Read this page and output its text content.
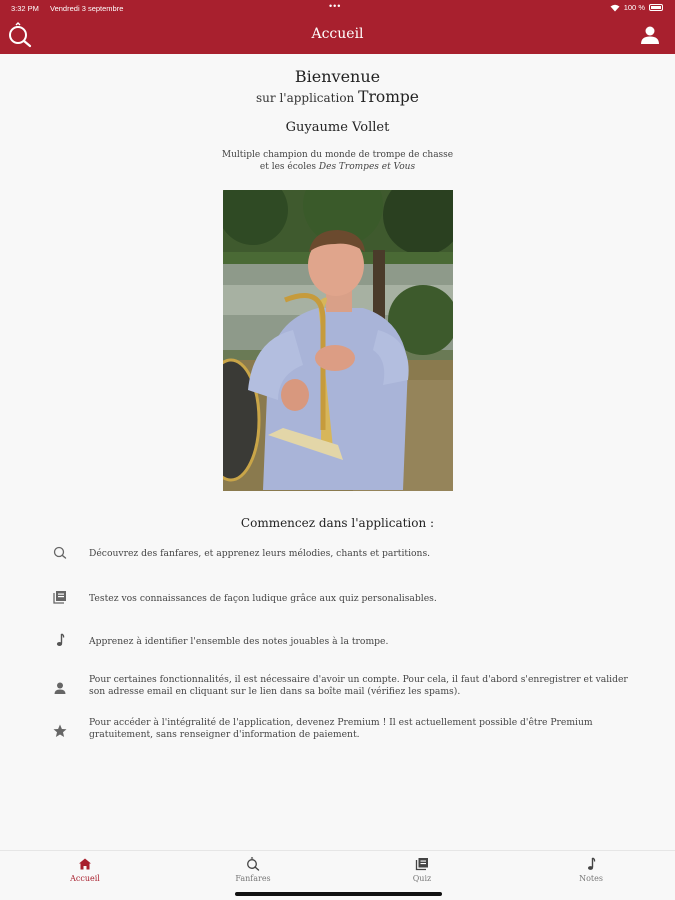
3:32 PM Vendredi 3 septembre	•••	100 %
Accueil
Bienvenue
sur l'application Trompe
Guyaume Vollet
Multiple champion du monde de trompe de chasse
et les écoles Des Trompes et Vous
Commencez dans l'application :
Découvrez des fanfares, et apprenez leurs mélodies, chants et partitions.
Testez vos connaissances de façon ludique grâce aux quiz personalisables.
Apprenez à identifier l'ensemble des notes jouables à la trompe.
Pour certaines fonctionnalités, il est nécessaire d'avoir un compte. Pour cela, il faut d'abord s'enregistrer et valider son adresse email en cliquant sur le lien dans sa boîte mail (vérifiez les spams).
Pour accéder à l'intégralité de l'application, devenez Premium ! Il est actuellement possible d'être Premium gratuitement, sans renseigner d'information de paiement.
Accueil	Fanfares	Quiz	Notes
